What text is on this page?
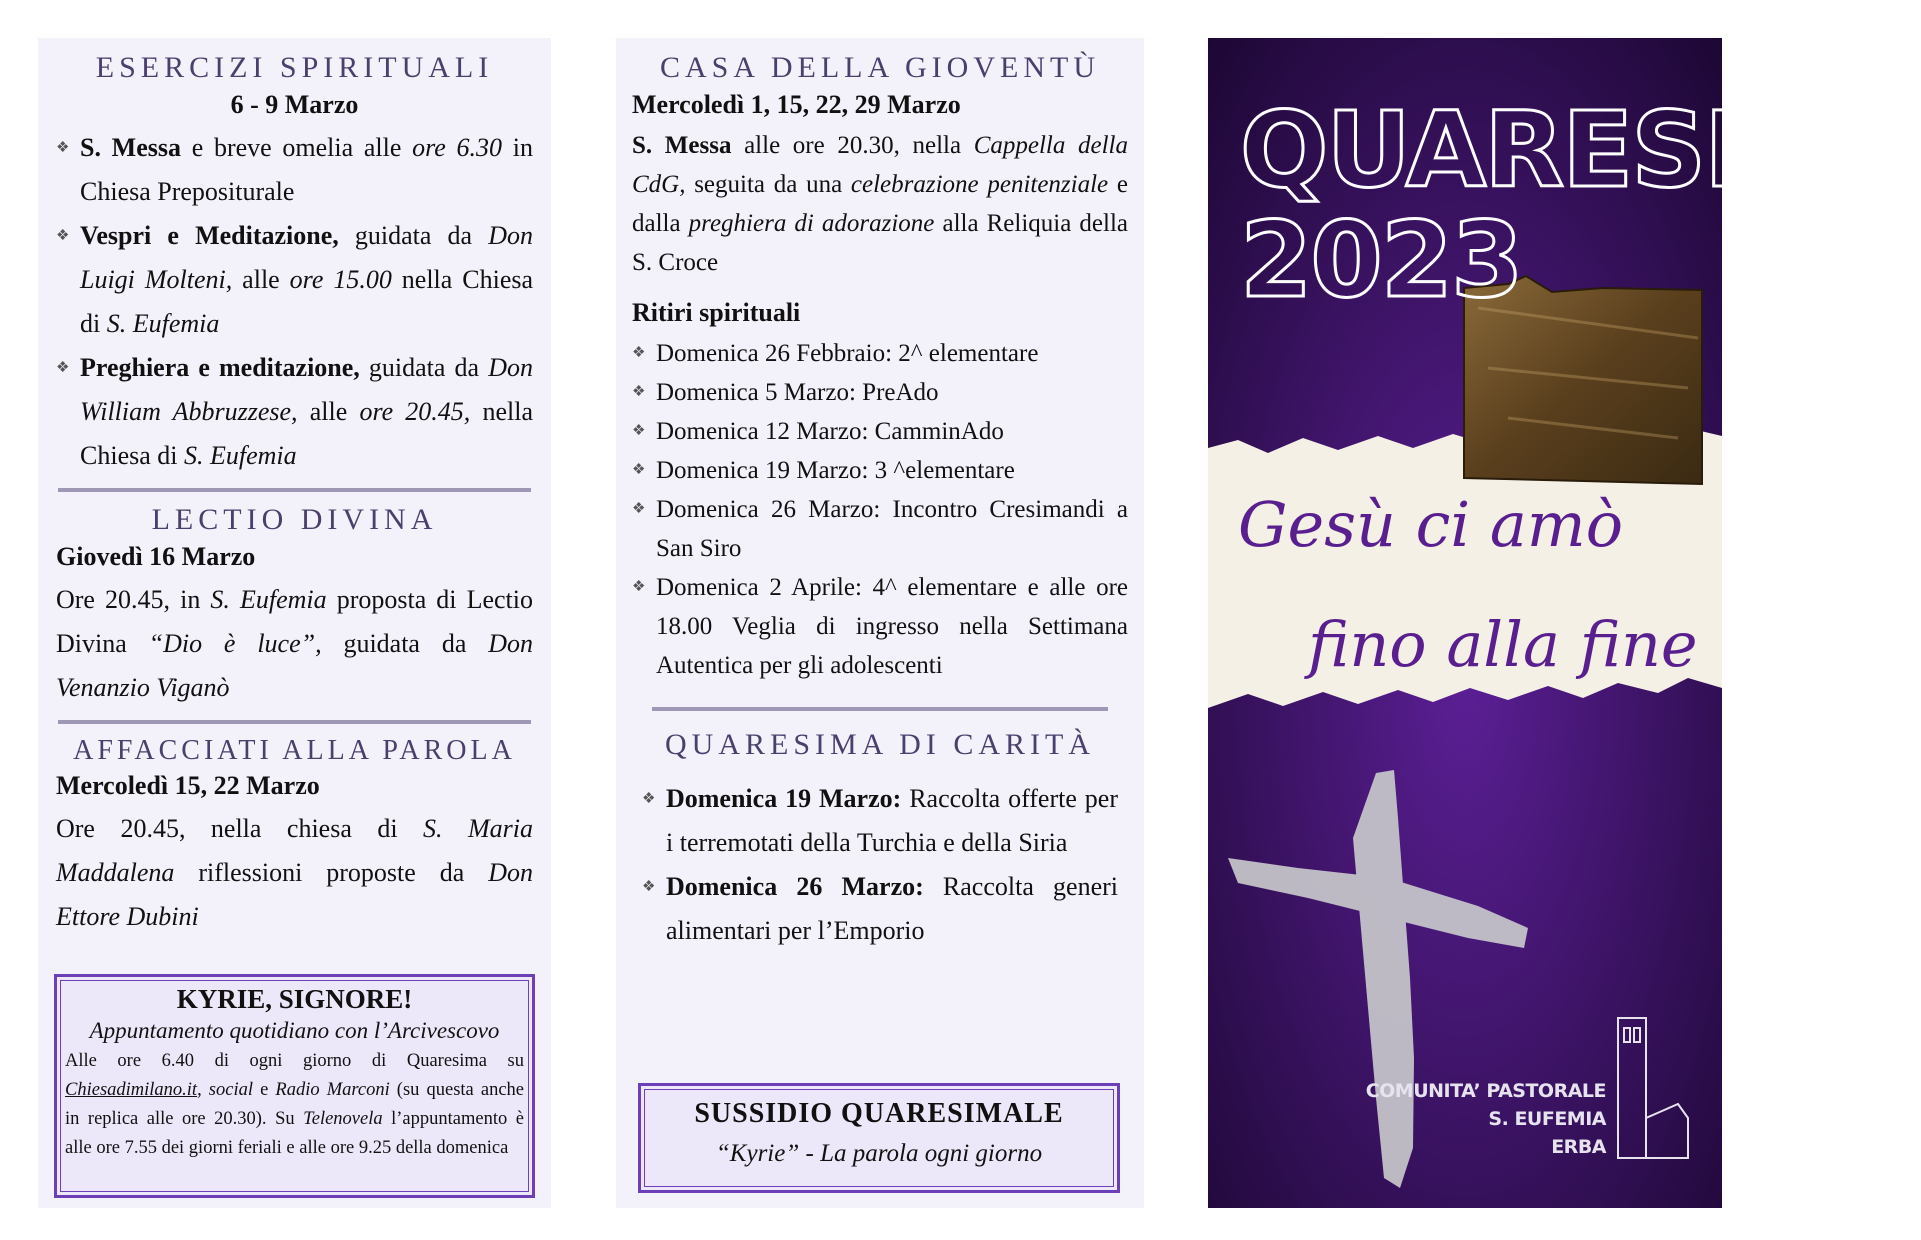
ESERCIZI SPIRITUALI
6 - 9 Marzo
❖ S. Messa e breve omelia alle ore 6.30 in Chiesa Prepositurale
❖ Vespri e Meditazione, guidata da Don Luigi Molteni, alle ore 15.00 nella Chiesa di S. Eufemia
❖ Preghiera e meditazione, guidata da Don William Abbruzzese, alle ore 20.45, nella Chiesa di S. Eufemia
LECTIO DIVINA
Giovedì 16 Marzo

Ore 20.45, in S. Eufemia proposta di Lectio Divina “Dio è luce”, guidata da Don Venanzio Viganò

AFFACCIATI ALLA PAROLA
Mercoledì 15, 22 Marzo

Ore 20.45, nella chiesa di S. Maria Maddalena riflessioni proposte da Don Ettore Dubini

KYRIE, SIGNORE!
Appuntamento quotidiano con l’Arcivescovo
Alle ore 6.40 di ogni giorno di Quaresima su Chiesadimilano.it, social e Radio Marconi (su questa anche in replica alle ore 20.30). Su Telenovela l’appuntamento è alle ore 7.55 dei giorni feriali e alle ore 9.25 della domenica
CASA DELLA GIOVENTÙ
Mercoledì 1, 15, 22, 29 Marzo

S. Messa alle ore 20.30, nella Cappella della CdG, seguita da una celebrazione penitenziale e dalla preghiera di adorazione alla Reliquia della S. Croce

Ritiri spirituali
❖ Domenica 26 Febbraio: 2^ elementare
❖ Domenica 5 Marzo: PreAdo
❖ Domenica 12 Marzo: CamminAdo
❖ Domenica 19 Marzo: 3 ^elementare
❖ Domenica 26 Marzo: Incontro Cresimandi a San Siro
❖ Domenica 2 Aprile: 4^ elementare e alle ore 18.00 Veglia di ingresso nella Settimana Autentica per gli adolescenti
QUARESIMA DI CARITÀ
❖ Domenica 19 Marzo: Raccolta offerte per i terremotati della Turchia e della Siria
❖ Domenica 26 Marzo: Raccolta generi alimentari per l’Emporio
SUSSIDIO QUARESIMALE
“Kyrie” - La parola ogni giorno
QUARESIMA
2023
Gesù ci amò
fino alla fine
COMUNITA’ PASTORALE
S. EUFEMIA
ERBA
